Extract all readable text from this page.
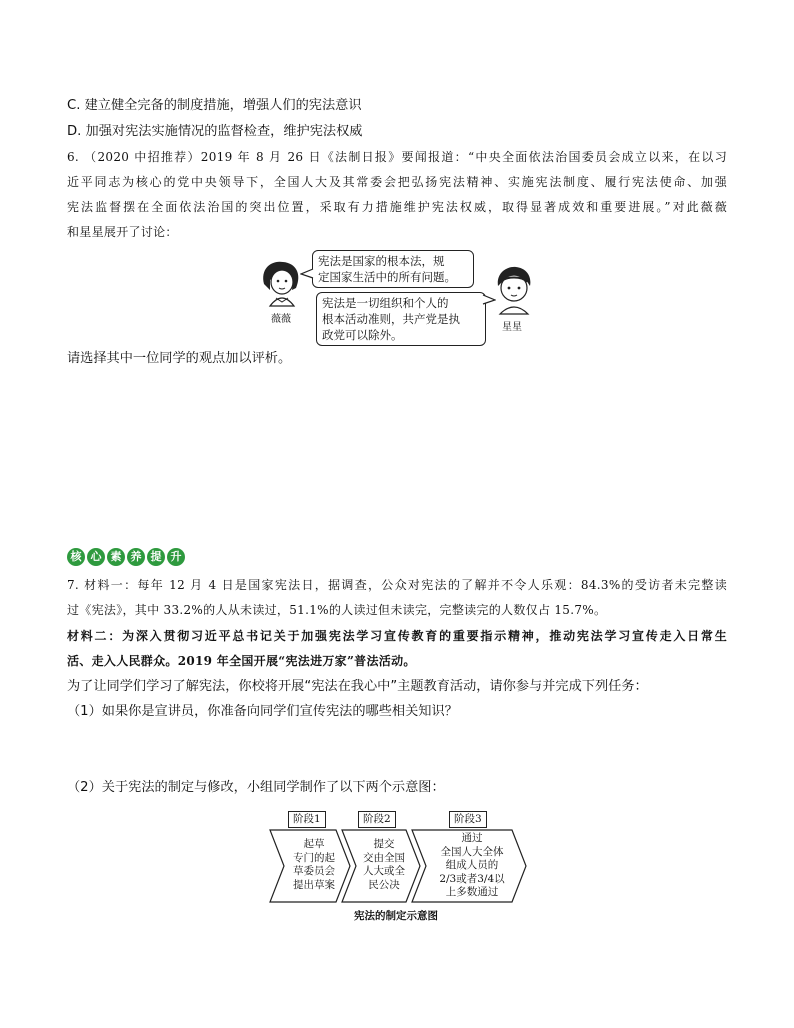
C. 建立健全完备的制度措施，增强人们的宪法意识
D. 加强对宪法实施情况的监督检查，维护宪法权威
6. （2020 中招推荐）2019 年 8 月 26 日《法制日报》要闻报道：“中央全面依法治国委员会成立以来，在以习
近平同志为核心的党中央领导下，全国人大及其常委会把弘扬宪法精神、实施宪法制度、履行宪法使命、加强
宪法监督摆在全面依法治国的突出位置，采取有力措施维护宪法权威，取得显著成效和重要进展。”对此薇薇
和星星展开了讨论：
薇薇
宪法是国家的根本法，规
定国家生活中的所有问题。
宪法是一切组织和个人的
根本活动准则，共产党是执
政党可以除外。
星星
请选择其中一位同学的观点加以评析。
核 心 素 养 提 升
7. 材料一：每年 12 月 4 日是国家宪法日，据调查，公众对宪法的了解并不令人乐观：84.3%的受访者未完整读
过《宪法》，其中 33.2%的人从未读过，51.1%的人读过但未读完，完整读完的人数仅占 15.7%。
材料二：为深入贯彻习近平总书记关于加强宪法学习宣传教育的重要指示精神，推动宪法学习宣传走入日常生
活、走入人民群众。2019 年全国开展“宪法进万家”普法活动。
为了让同学们学习了解宪法，你校将开展“宪法在我心中”主题教育活动，请你参与并完成下列任务：
（1）如果你是宣讲员，你准备向同学们宣传宪法的哪些相关知识？
（2）关于宪法的制定与修改，小组同学制作了以下两个示意图：
阶段1	阶段2	阶段3
起草
专门的起
草委员会
提出草案
提交
交由全国
人大或全
民公决
通过
全国人大全体
组成人员的
2/3或者3/4以
上多数通过
宪法的制定示意图
